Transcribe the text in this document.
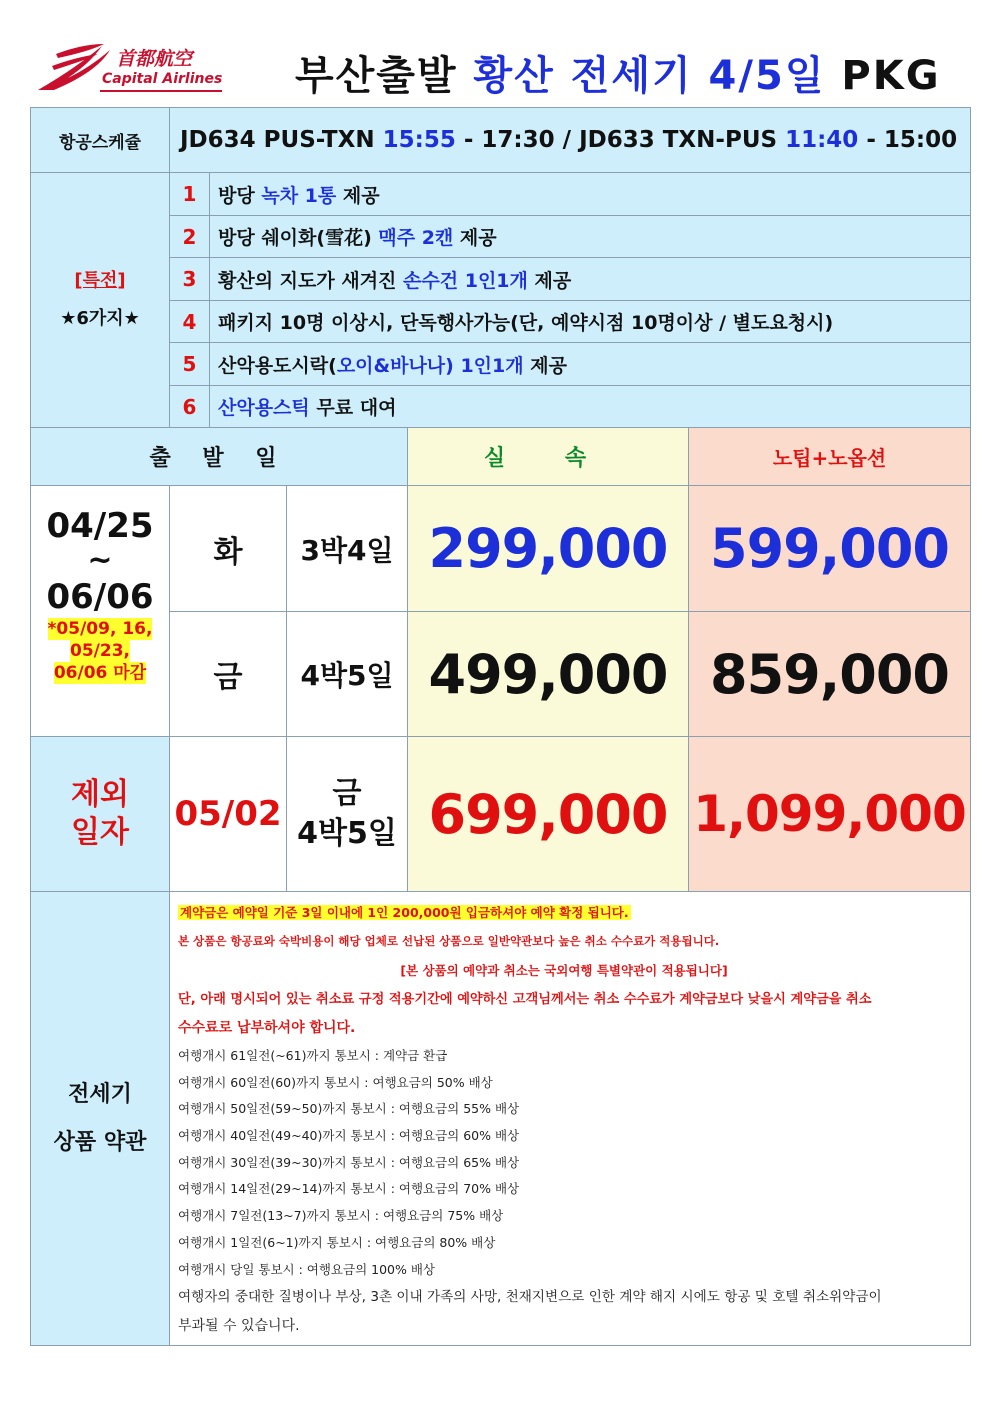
首都航空
Capital Airlines 부산출발 황산 전세기 4/5일 PKG
항공스케쥴 JD634 PUS-TXN
15:55
-
17:30
/
JD633 TXN-PUS
11:40
-
15:00
[특전]
★6가지★
1 방당
녹차 1통
제공
2 방당 쉐이화(雪花)
맥주 2캔
제공
3 황산의 지도가 새겨진
손수건 1인1개
제공
4 패키지 10명 이상시, 단독행사가능(단, 예약시점 10명이상 / 별도요청시)
5 산악용도시락( 오이&바나나) 1인1개
제공
6 산악용스틱
무료 대여
출 발 일	실 속	노팁+노옵션
04/25
~
06/06
*05/09, 16,
05/23,
06/06 마감
화 3박4일 299,000 599,000
금 4박5일 499,000 859,000
제외
일자 05/02
금
4박5일 699,000 1,099,000
전세기
상품 약관
계약금은 예약일 기준 3일 이내에 1인 200,000원 입금하셔야 예약 확정 됩니다.
본 상품은 항공료와 숙박비용이 해당 업체로 선납된 상품으로 일반약관보다 높은 취소 수수료가 적용됩니다.
[본 상품의 예약과 취소는 국외여행 특별약관이 적용됩니다]
단, 아래 명시되어 있는 취소료 규정 적용기간에 예약하신 고객님께서는 취소 수수료가 계약금보다 낮을시 계약금을 취소
수수료로 납부하셔야 합니다.
여행개시 61일전(~61)까지 통보시 : 계약금 환급
여행개시 60일전(60)까지 통보시 : 여행요금의 50% 배상
여행개시 50일전(59~50)까지 통보시 : 여행요금의 55% 배상
여행개시 40일전(49~40)까지 통보시 : 여행요금의 60% 배상
여행개시 30일전(39~30)까지 통보시 : 여행요금의 65% 배상
여행개시 14일전(29~14)까지 통보시 : 여행요금의 70% 배상
여행개시 7일전(13~7)까지 통보시 : 여행요금의 75% 배상
여행개시 1일전(6~1)까지 통보시 : 여행요금의 80% 배상
여행개시 당일 통보시 : 여행요금의 100% 배상
여행자의 중대한 질병이나 부상, 3촌 이내 가족의 사망, 천재지변으로 인한 계약 해지 시에도 항공 및 호텔 취소위약금이
부과될 수 있습니다.
